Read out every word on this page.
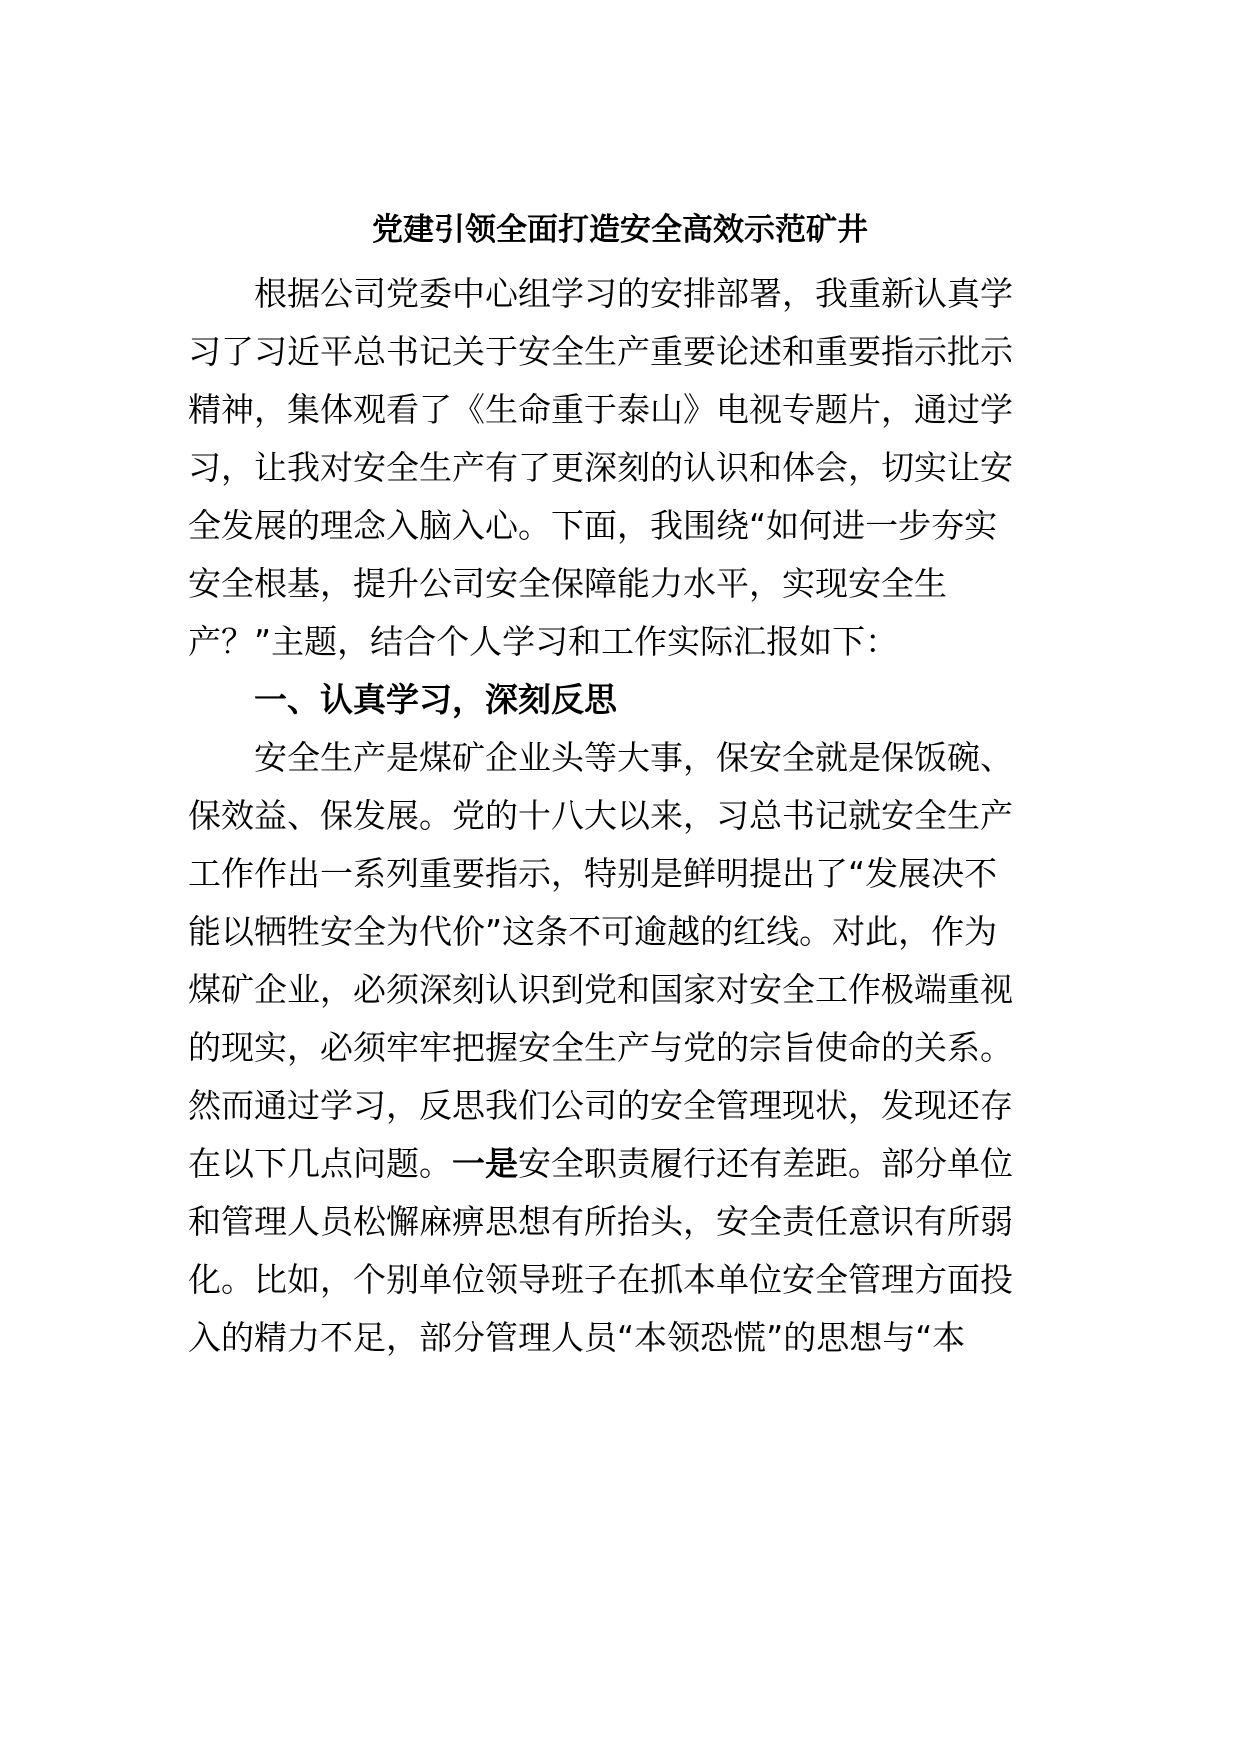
党建引领全面打造安全高效示范矿井
根据公司党委中心组学习的安排部署，我重新认真学
习了习近平总书记关于安全生产重要论述和重要指示批示
精神，集体观看了《生命重于泰山》电视专题片，通过学
习，让我对安全生产有了更深刻的认识和体会，切实让安
全发展的理念入脑入心。下面，我围绕“如何进一步夯实
安全根基，提升公司安全保障能力水平，实现安全生
产？”主题，结合个人学习和工作实际汇报如下：
一、认真学习，深刻反思
安全生产是煤矿企业头等大事，保安全就是保饭碗、
保效益、保发展。党的十八大以来，习总书记就安全生产
工作作出一系列重要指示，特别是鲜明提出了“发展决不
能以牺牲安全为代价”这条不可逾越的红线。对此，作为
煤矿企业，必须深刻认识到党和国家对安全工作极端重视
的现实，必须牢牢把握安全生产与党的宗旨使命的关系。
然而通过学习，反思我们公司的安全管理现状，发现还存
在以下几点问题。一是安全职责履行还有差距。部分单位
和管理人员松懈麻痹思想有所抬头，安全责任意识有所弱
化。比如，个别单位领导班子在抓本单位安全管理方面投
入的精力不足，部分管理人员“本领恐慌”的思想与“本
